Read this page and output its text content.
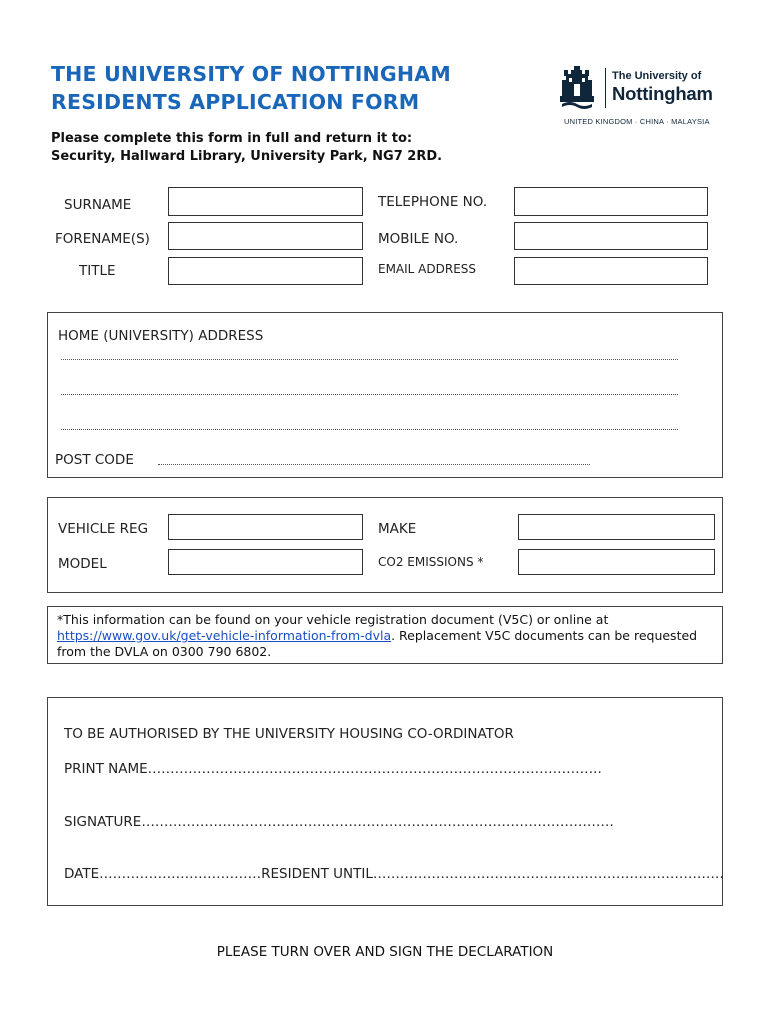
THE UNIVERSITY OF NOTTINGHAM
RESIDENTS APPLICATION FORM
The University of
Nottingham
UNITED KINGDOM · CHINA · MALAYSIA
Please complete this form in full and return it to:
Security, Hallward Library, University Park, NG7 2RD.
SURNAME
FORENAME(S)
TITLE
TELEPHONE NO.
MOBILE NO.
EMAIL ADDRESS
HOME (UNIVERSITY) ADDRESS
POST CODE
VEHICLE REG	MAKE
MODEL	CO2 EMISSIONS *
*This information can be found on your vehicle registration document (V5C) or online at https://www.gov.uk/get-vehicle-information-from-dvla. Replacement V5C documents can be requested from the DVLA on 0300 790 6802.
TO BE AUTHORISED BY THE UNIVERSITY HOUSING CO-ORDINATOR
PRINT NAME………………………………………………………………………………………..
SIGNATURE……………………………………………………………………………………………
DATE………………………………RESIDENT UNTIL……………………………………………………………………
PLEASE TURN OVER AND SIGN THE DECLARATION
